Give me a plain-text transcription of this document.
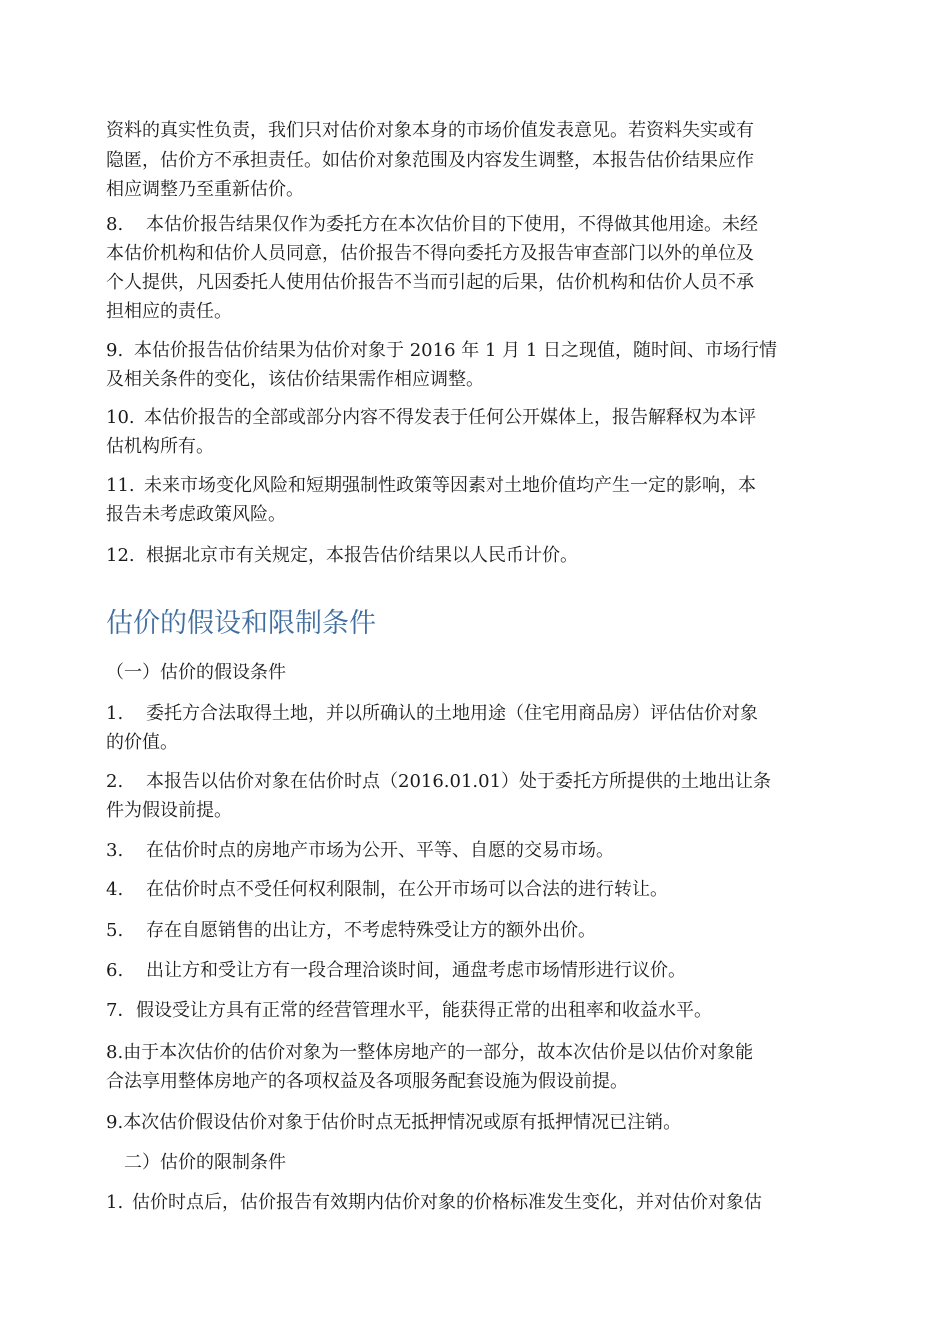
资料的真实性负责，我们只对估价对象本身的市场价值发表意见。若资料失实或有
隐匿，估价方不承担责任。如估价对象范围及内容发生调整，本报告估价结果应作
相应调整乃至重新估价。
8. 本估价报告结果仅作为委托方在本次估价目的下使用，不得做其他用途。未经
本估价机构和估价人员同意，估价报告不得向委托方及报告审查部门以外的单位及
个人提供，凡因委托人使用估价报告不当而引起的后果，估价机构和估价人员不承
担相应的责任。
9. 本估价报告估价结果为估价对象于 2016 年 1 月 1 日之现值，随时间、市场行情
及相关条件的变化，该估价结果需作相应调整。
10. 本估价报告的全部或部分内容不得发表于任何公开媒体上，报告解释权为本评
估机构所有。
11. 未来市场变化风险和短期强制性政策等因素对土地价值均产生一定的影响，本
报告未考虑政策风险。
12. 根据北京市有关规定，本报告估价结果以人民币计价。
估价的假设和限制条件
（一）估价的假设条件
1. 委托方合法取得土地，并以所确认的土地用途（住宅用商品房）评估估价对象
的价值。
2. 本报告以估价对象在估价时点（2016.01.01）处于委托方所提供的土地出让条
件为假设前提。
3. 在估价时点的房地产市场为公开、平等、自愿的交易市场。
4. 在估价时点不受任何权利限制，在公开市场可以合法的进行转让。
5. 存在自愿销售的出让方，不考虑特殊受让方的额外出价。
6. 出让方和受让方有一段合理洽谈时间，通盘考虑市场情形进行议价。
7．假设受让方具有正常的经营管理水平，能获得正常的出租率和收益水平。
8.由于本次估价的估价对象为一整体房地产的一部分，故本次估价是以估价对象能
合法享用整体房地产的各项权益及各项服务配套设施为假设前提。
9.本次估价假设估价对象于估价时点无抵押情况或原有抵押情况已注销。
二）估价的限制条件
1. 估价时点后，估价报告有效期内估价对象的价格标准发生变化，并对估价对象估
